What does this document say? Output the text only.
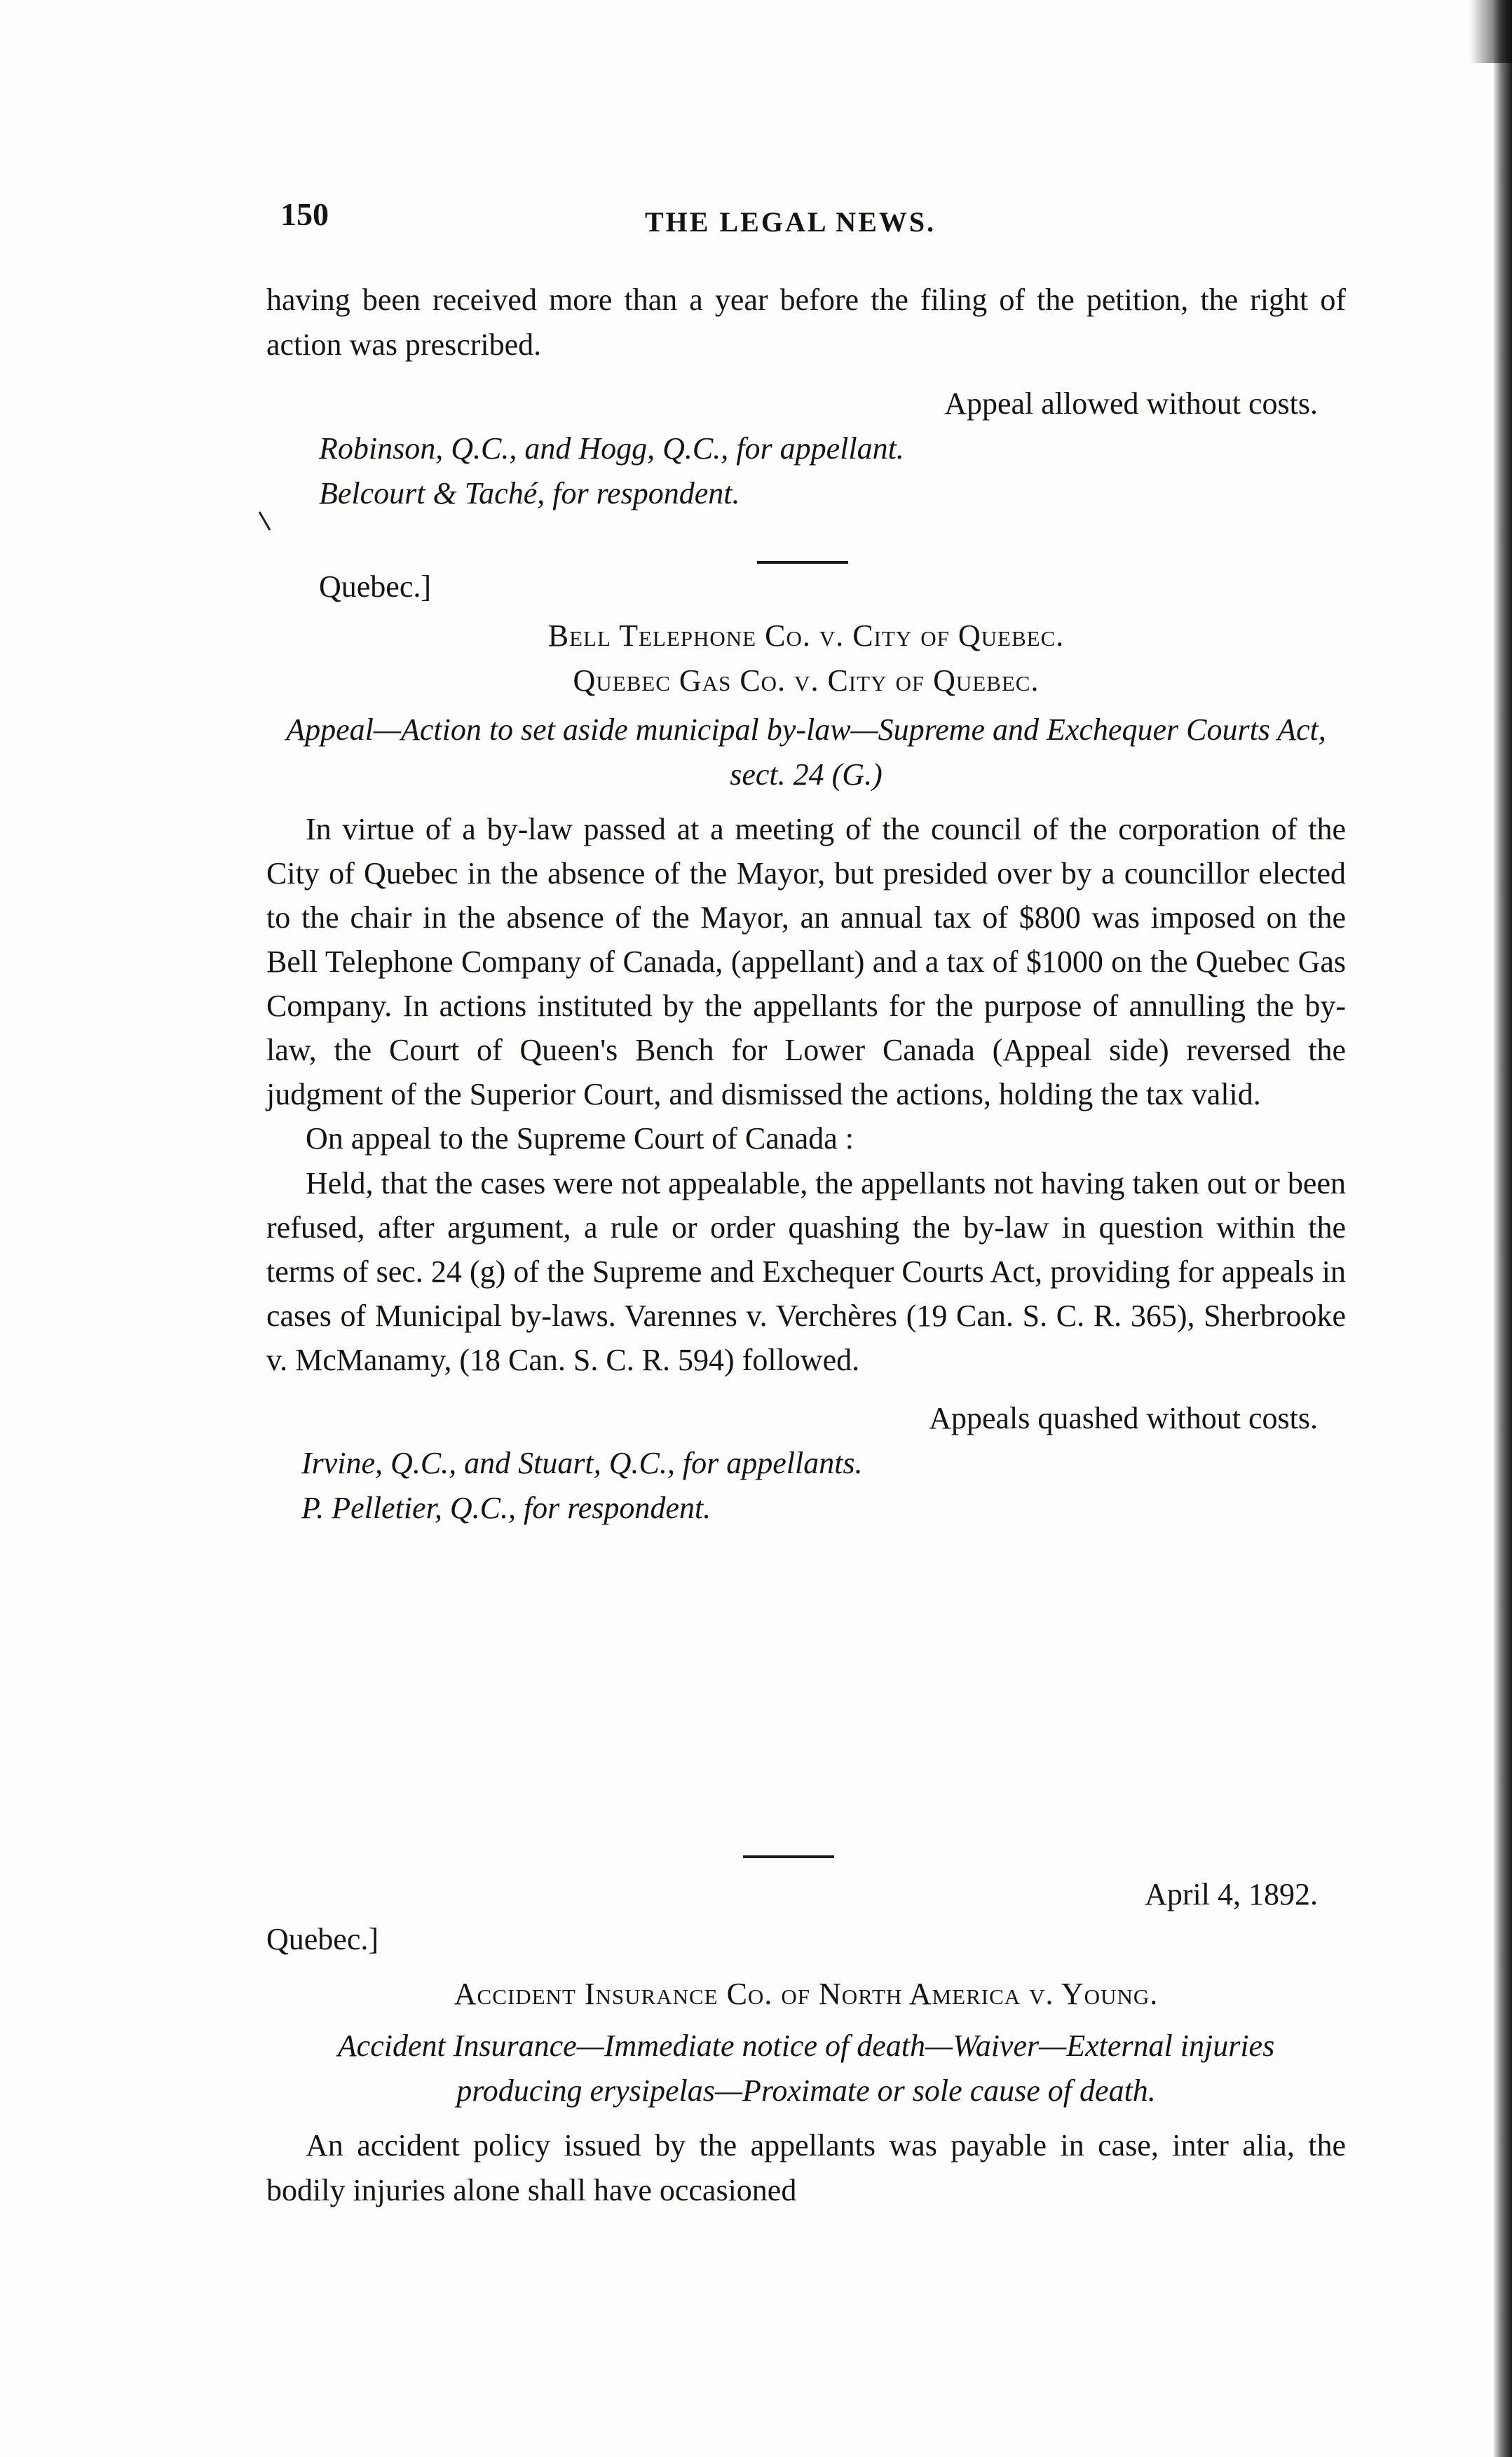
150	THE LEGAL NEWS.

having been received more than a year before the filing of the petition, the right of action was prescribed.

Appeal allowed without costs.

Robinson, Q.C., and Hogg, Q.C., for appellant.

Belcourt & Taché, for respondent.

Quebec.]

Bell Telephone Co. v. City of Quebec.

Quebec Gas Co. v. City of Quebec.

Appeal—Action to set aside municipal by-law—Supreme and Exchequer Courts Act, sect. 24 (G.)

In virtue of a by-law passed at a meeting of the council of the corporation of the City of Quebec in the absence of the Mayor, but presided over by a councillor elected to the chair in the absence of the Mayor, an annual tax of $800 was imposed on the Bell Telephone Company of Canada, (appellant) and a tax of $1000 on the Quebec Gas Company. In actions instituted by the appellants for the purpose of annulling the by-law, the Court of Queen's Bench for Lower Canada (Appeal side) reversed the judgment of the Superior Court, and dismissed the actions, holding the tax valid.

On appeal to the Supreme Court of Canada :

Held, that the cases were not appealable, the appellants not having taken out or been refused, after argument, a rule or order quashing the by-law in question within the terms of sec. 24 (g) of the Supreme and Exchequer Courts Act, providing for appeals in cases of Municipal by-laws. Varennes v. Verchères (19 Can. S. C. R. 365), Sherbrooke v. McManamy, (18 Can. S. C. R. 594) followed.

Appeals quashed without costs.

Irvine, Q.C., and Stuart, Q.C., for appellants.

P. Pelletier, Q.C., for respondent.

April 4, 1892.

Quebec.]

Accident Insurance Co. of North America v. Young.

Accident Insurance—Immediate notice of death—Waiver—External injuries producing erysipelas—Proximate or sole cause of death.

An accident policy issued by the appellants was payable in case, inter alia, the bodily injuries alone shall have occasioned
